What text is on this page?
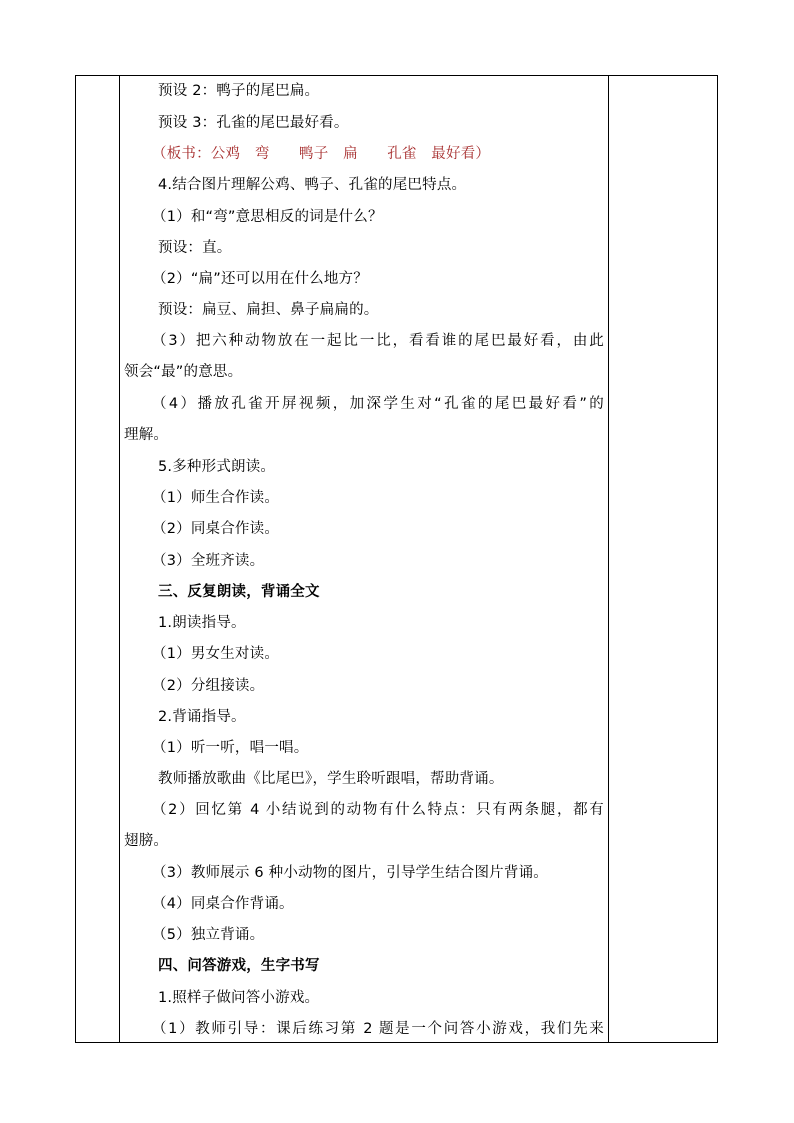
预设 2：鸭子的尾巴扁。
预设 3：孔雀的尾巴最好看。
（板书：公鸡　弯　　鸭子　扁　　孔雀　最好看）
4.结合图片理解公鸡、鸭子、孔雀的尾巴特点。
（1）和“弯”意思相反的词是什么？
预设：直。
（2）“扁”还可以用在什么地方？
预设：扁豆、扁担、鼻子扁扁的。
（3）把六种动物放在一起比一比，看看谁的尾巴最好看，由此
领会“最”的意思。
（4）播放孔雀开屏视频，加深学生对“孔雀的尾巴最好看”的
理解。
5.多种形式朗读。
（1）师生合作读。
（2）同桌合作读。
（3）全班齐读。
三、反复朗读，背诵全文
1.朗读指导。
（1）男女生对读。
（2）分组接读。
2.背诵指导。
（1）听一听，唱一唱。
教师播放歌曲《比尾巴》，学生聆听跟唱，帮助背诵。
（2）回忆第 4 小结说到的动物有什么特点：只有两条腿，都有
翅膀。
（3）教师展示 6 种小动物的图片，引导学生结合图片背诵。
（4）同桌合作背诵。
（5）独立背诵。
四、问答游戏，生字书写
1.照样子做问答小游戏。
（1）教师引导：课后练习第 2 题是一个问答小游戏，我们先来
